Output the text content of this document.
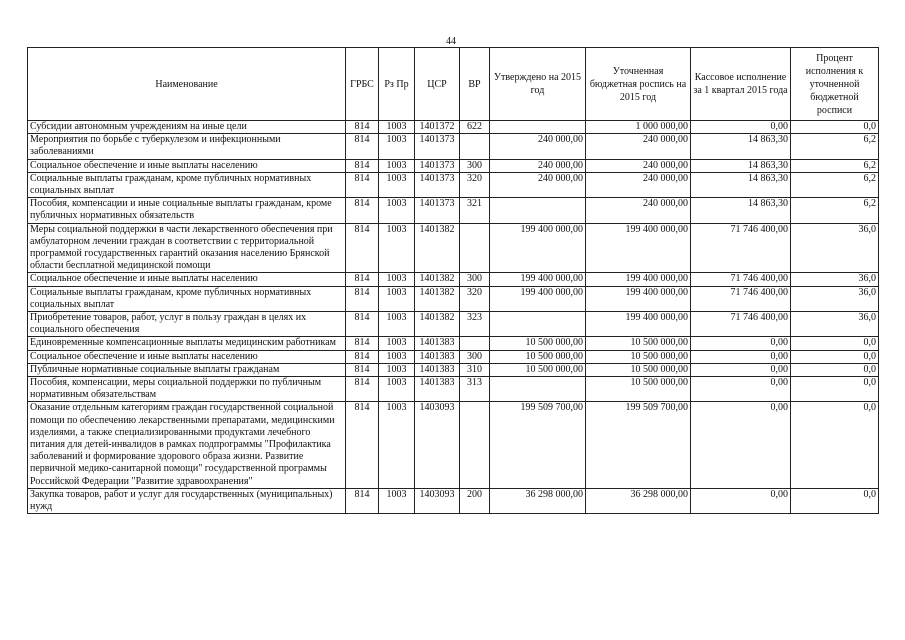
44
Наименование	ГРБС	Рз Пр	ЦСР	ВР	Утверждено на 2015 год	Уточненная бюджетная роспись на 2015 год	Кассовое исполнение за 1 квартал 2015 года	Процент исполнения к уточненной бюджетной росписи
Субсидии автономным учреждениям на иные цели	814	1003	1401372	622		1 000 000,00	0,00	0,0
Мероприятия по борьбе с туберкулезом и инфекционными заболеваниями	814	1003	1401373		240 000,00	240 000,00	14 863,30	6,2
Социальное обеспечение и иные выплаты населению	814	1003	1401373	300	240 000,00	240 000,00	14 863,30	6,2
Социальные выплаты гражданам, кроме публичных нормативных социальных выплат	814	1003	1401373	320	240 000,00	240 000,00	14 863,30	6,2
Пособия, компенсации и иные социальные выплаты гражданам, кроме публичных нормативных обязательств	814	1003	1401373	321		240 000,00	14 863,30	6,2
Меры социальной поддержки в части лекарственного обеспечения при амбулаторном лечении граждан в соответствии с территориальной программой государственных гарантий оказания населению Брянской области бесплатной медицинской помощи	814	1003	1401382		199 400 000,00	199 400 000,00	71 746 400,00	36,0
Социальное обеспечение и иные выплаты населению	814	1003	1401382	300	199 400 000,00	199 400 000,00	71 746 400,00	36,0
Социальные выплаты гражданам, кроме публичных нормативных социальных выплат	814	1003	1401382	320	199 400 000,00	199 400 000,00	71 746 400,00	36,0
Приобретение товаров, работ, услуг в пользу граждан в целях их социального обеспечения	814	1003	1401382	323		199 400 000,00	71 746 400,00	36,0
Единовременные компенсационные выплаты медицинским работникам	814	1003	1401383		10 500 000,00	10 500 000,00	0,00	0,0
Социальное обеспечение и иные выплаты населению	814	1003	1401383	300	10 500 000,00	10 500 000,00	0,00	0,0
Публичные нормативные социальные выплаты гражданам	814	1003	1401383	310	10 500 000,00	10 500 000,00	0,00	0,0
Пособия, компенсации, меры социальной поддержки по публичным нормативным обязательствам	814	1003	1401383	313		10 500 000,00	0,00	0,0
Оказание отдельным категориям граждан государственной социальной помощи по обеспечению лекарственными препаратами, медицинскими изделиями, а также специализированными продуктами лечебного питания для детей-инвалидов в рамках подпрограммы "Профилактика заболеваний и формирование здорового образа жизни. Развитие первичной медико-санитарной помощи" государственной программы Российской Федерации "Развитие здравоохранения"	814	1003	1403093		199 509 700,00	199 509 700,00	0,00	0,0
Закупка товаров, работ и услуг для государственных (муниципальных) нужд	814	1003	1403093	200	36 298 000,00	36 298 000,00	0,00	0,0
